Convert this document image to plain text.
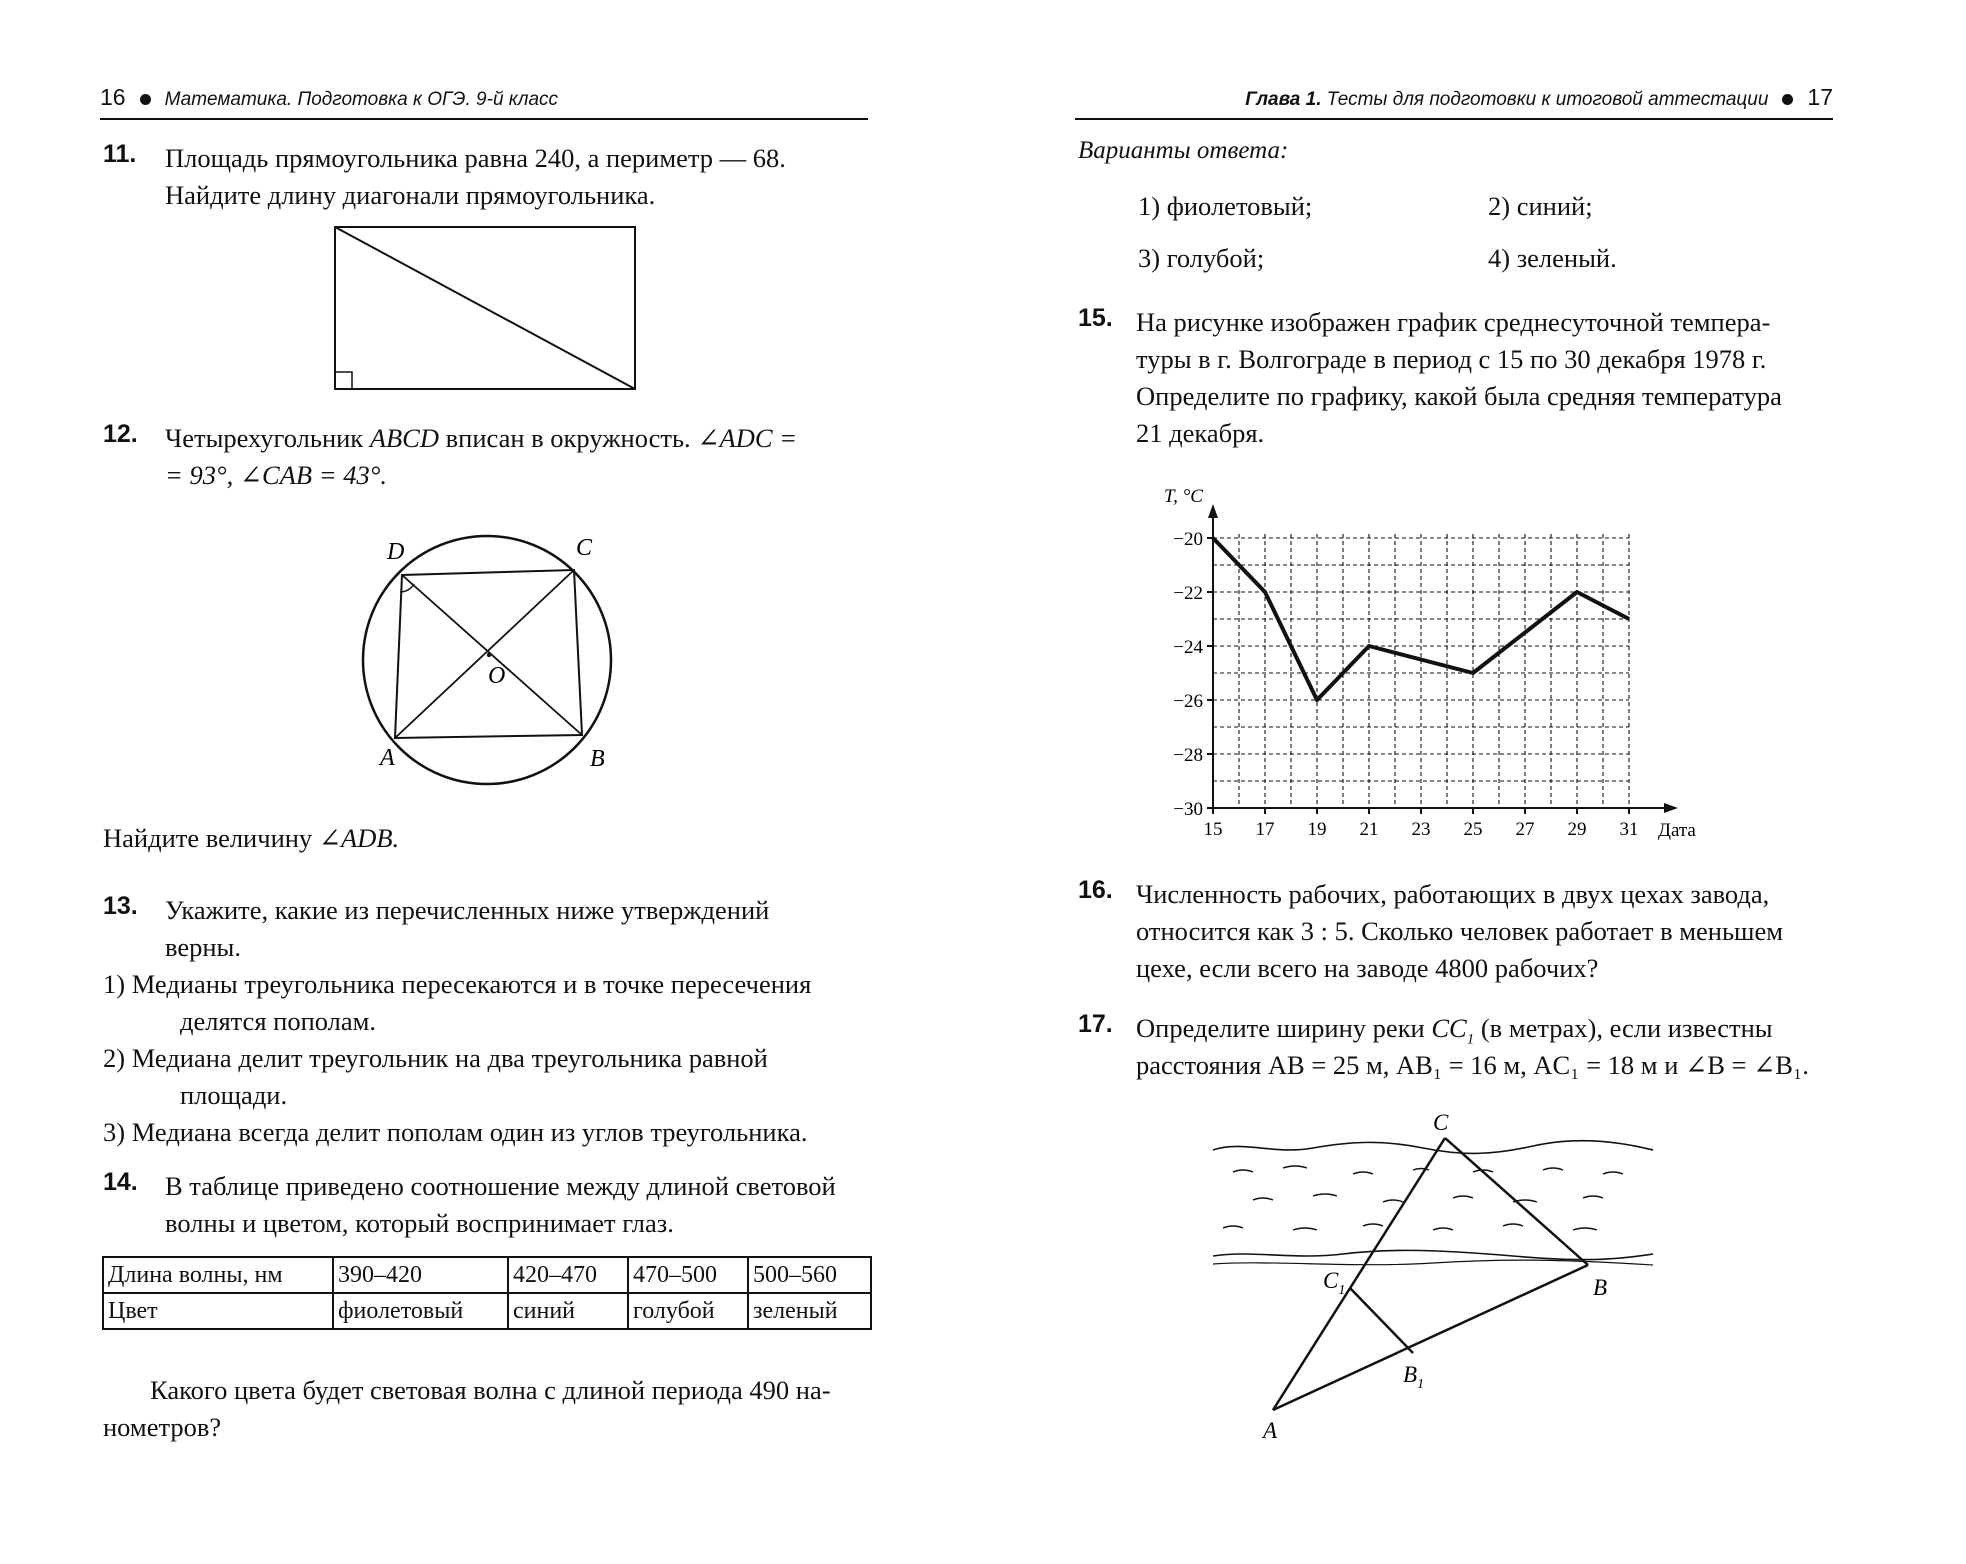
16 Математика. Подготовка к ОГЭ. 9-й класс
11. Площадь прямоугольника равна 240, а периметр — 68.
Найдите длину диагонали прямоугольника.
12. Четырехугольник ABCD вписан в окружность. ∠ADC =
= 93°, ∠CAB = 43°.
D	C
O
A	B
Найдите величину ∠ADB.
13. Укажите, какие из перечисленных ниже утверждений
верны.
1) Медианы треугольника пересекаются и в точке пересечения
делятся пополам.
2) Медиана делит треугольник на два треугольника равной
площади.
3) Медиана всегда делит пополам один из углов треугольника.
14. В таблице приведено соотношение между длиной световой
волны и цветом, который воспринимает глаз.
Длина волны, нм	390–420	420–470	470–500	500–560
Цвет	фиолетовый	синий	голубой	зеленый
Какого цвета будет световая волна с длиной периода 490 на-
нометров?
Глава 1. Тесты для подготовки к итоговой аттестации 17
Варианты ответа:
1) фиолетовый;	2) синий;
3) голубой;	4) зеленый.
15. На рисунке изображен график среднесуточной темпера-
туры в г. Волгограде в период с 15 по 30 декабря 1978 г.
Определите по графику, какой была средняя температура
21 декабря.
−20
−22
−24
−26
−28
−30
15 17 19 21 23 25 27 29 31
T, °C
Дата
16. Численность рабочих, работающих в двух цехах завода,
относится как 3 : 5. Сколько человек работает в меньшем
цехе, если всего на заводе 4800 рабочих?
17. Определите ширину реки $CC_1$ (в метрах), если известны
расстояния AB = 25 м, AB₁ = 16 м, AC₁ = 18 м и ∠B = ∠B₁.
C
B
$C_1$
$B_1$
A
